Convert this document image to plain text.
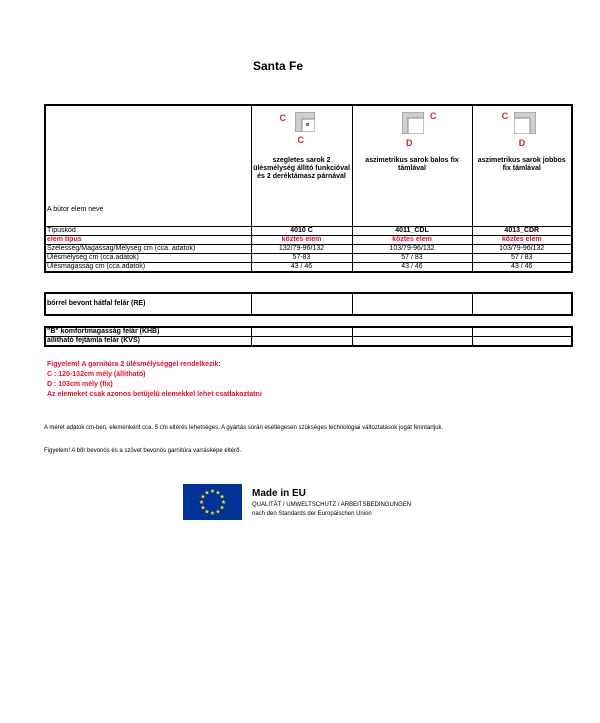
Santa Fe

	C
C	C
D	C
D

A bútor elem neve	szegletes sarok 2 ülésmélység állító funkcióval és 2 deréktámasz párnával	aszimetrikus sarok balos fix támlával	aszimetrikus sarok jobbos fix támlával
Típuskód	4010 C	4011_CDL	4013_CDR
elem típus	köztes elem	köztes elem	köztes elem
Szélesség/Magasság/Mélység cm (cca. adatok)	132/79-96/132	103/79-96/132	103/79-96/132
Ülésmélység cm (cca.adatok)	57-83	57 / 83	57 / 83
Ülésmagasság cm (cca.adatok)	43 / 46	43 / 46	43 / 46
bőrrel bevont hátfal felár (RE)			
"B" komfortmagasság felár (KHB)			
állítható fejtámla felár (KVS)			
Figyelem! A garnitúra 2 ülésmélységgel rendelkezik:
C : 120-132cm mély (állítható)
D : 103cm mély (fix)
Az elemeket csak azonos betűjelű elemekkel lehet csatlakoztatni
A méret adatok cm-ben, elemenként cca. 5 cm eltérés lehetséges. A gyártás során esetlegesen szükséges technológiai változtatások jogát fenntartjuk.
Figyelem! A bőr bevonós és a szövet bevonós garnitúra varrásképe eltérő.
★ ★
★
★
★
★
★
★
★
★
★
★	Made in EU
QUALITÄT / UMWELTSCHUTZ / ARBEITSBEDINGUNGEN
nach den Standards der Europäischen Union
